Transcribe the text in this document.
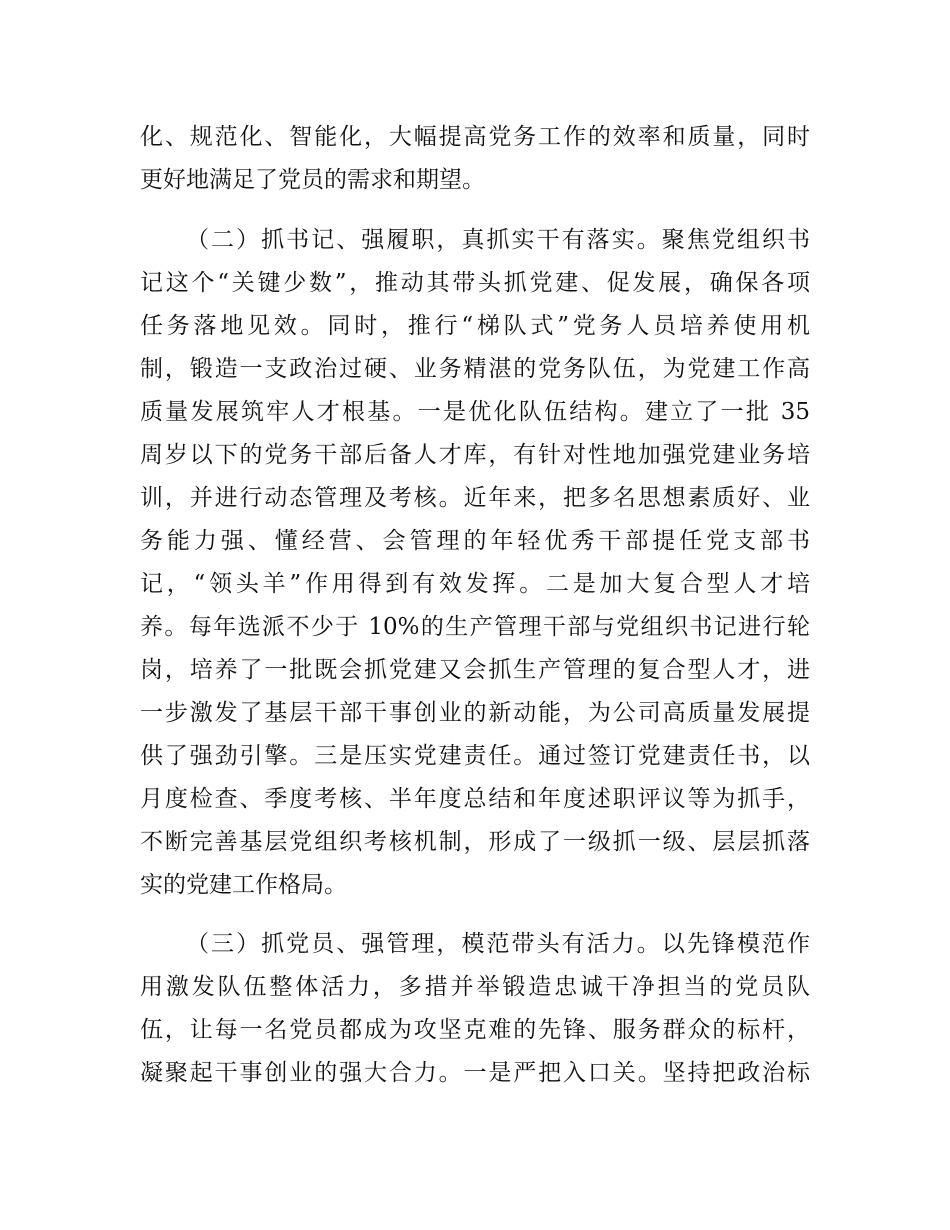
化、规范化、智能化，大幅提高党务工作的效率和质量，同时
更好地满足了党员的需求和期望。
（二）抓书记、强履职，真抓实干有落实。聚焦党组织书
记这个“关键少数”，推动其带头抓党建、促发展，确保各项
任务落地见效。同时，推行“梯队式”党务人员培养使用机
制，锻造一支政治过硬、业务精湛的党务队伍，为党建工作高
质量发展筑牢人才根基。一是优化队伍结构。建立了一批 35
周岁以下的党务干部后备人才库，有针对性地加强党建业务培
训，并进行动态管理及考核。近年来，把多名思想素质好、业
务能力强、懂经营、会管理的年轻优秀干部提任党支部书
记，“领头羊”作用得到有效发挥。二是加大复合型人才培
养。每年选派不少于 10%的生产管理干部与党组织书记进行轮
岗，培养了一批既会抓党建又会抓生产管理的复合型人才，进
一步激发了基层干部干事创业的新动能，为公司高质量发展提
供了强劲引擎。三是压实党建责任。通过签订党建责任书，以
月度检查、季度考核、半年度总结和年度述职评议等为抓手，
不断完善基层党组织考核机制，形成了一级抓一级、层层抓落
实的党建工作格局。
（三）抓党员、强管理，模范带头有活力。以先锋模范作
用激发队伍整体活力，多措并举锻造忠诚干净担当的党员队
伍，让每一名党员都成为攻坚克难的先锋、服务群众的标杆，
凝聚起干事创业的强大合力。一是严把入口关。坚持把政治标
